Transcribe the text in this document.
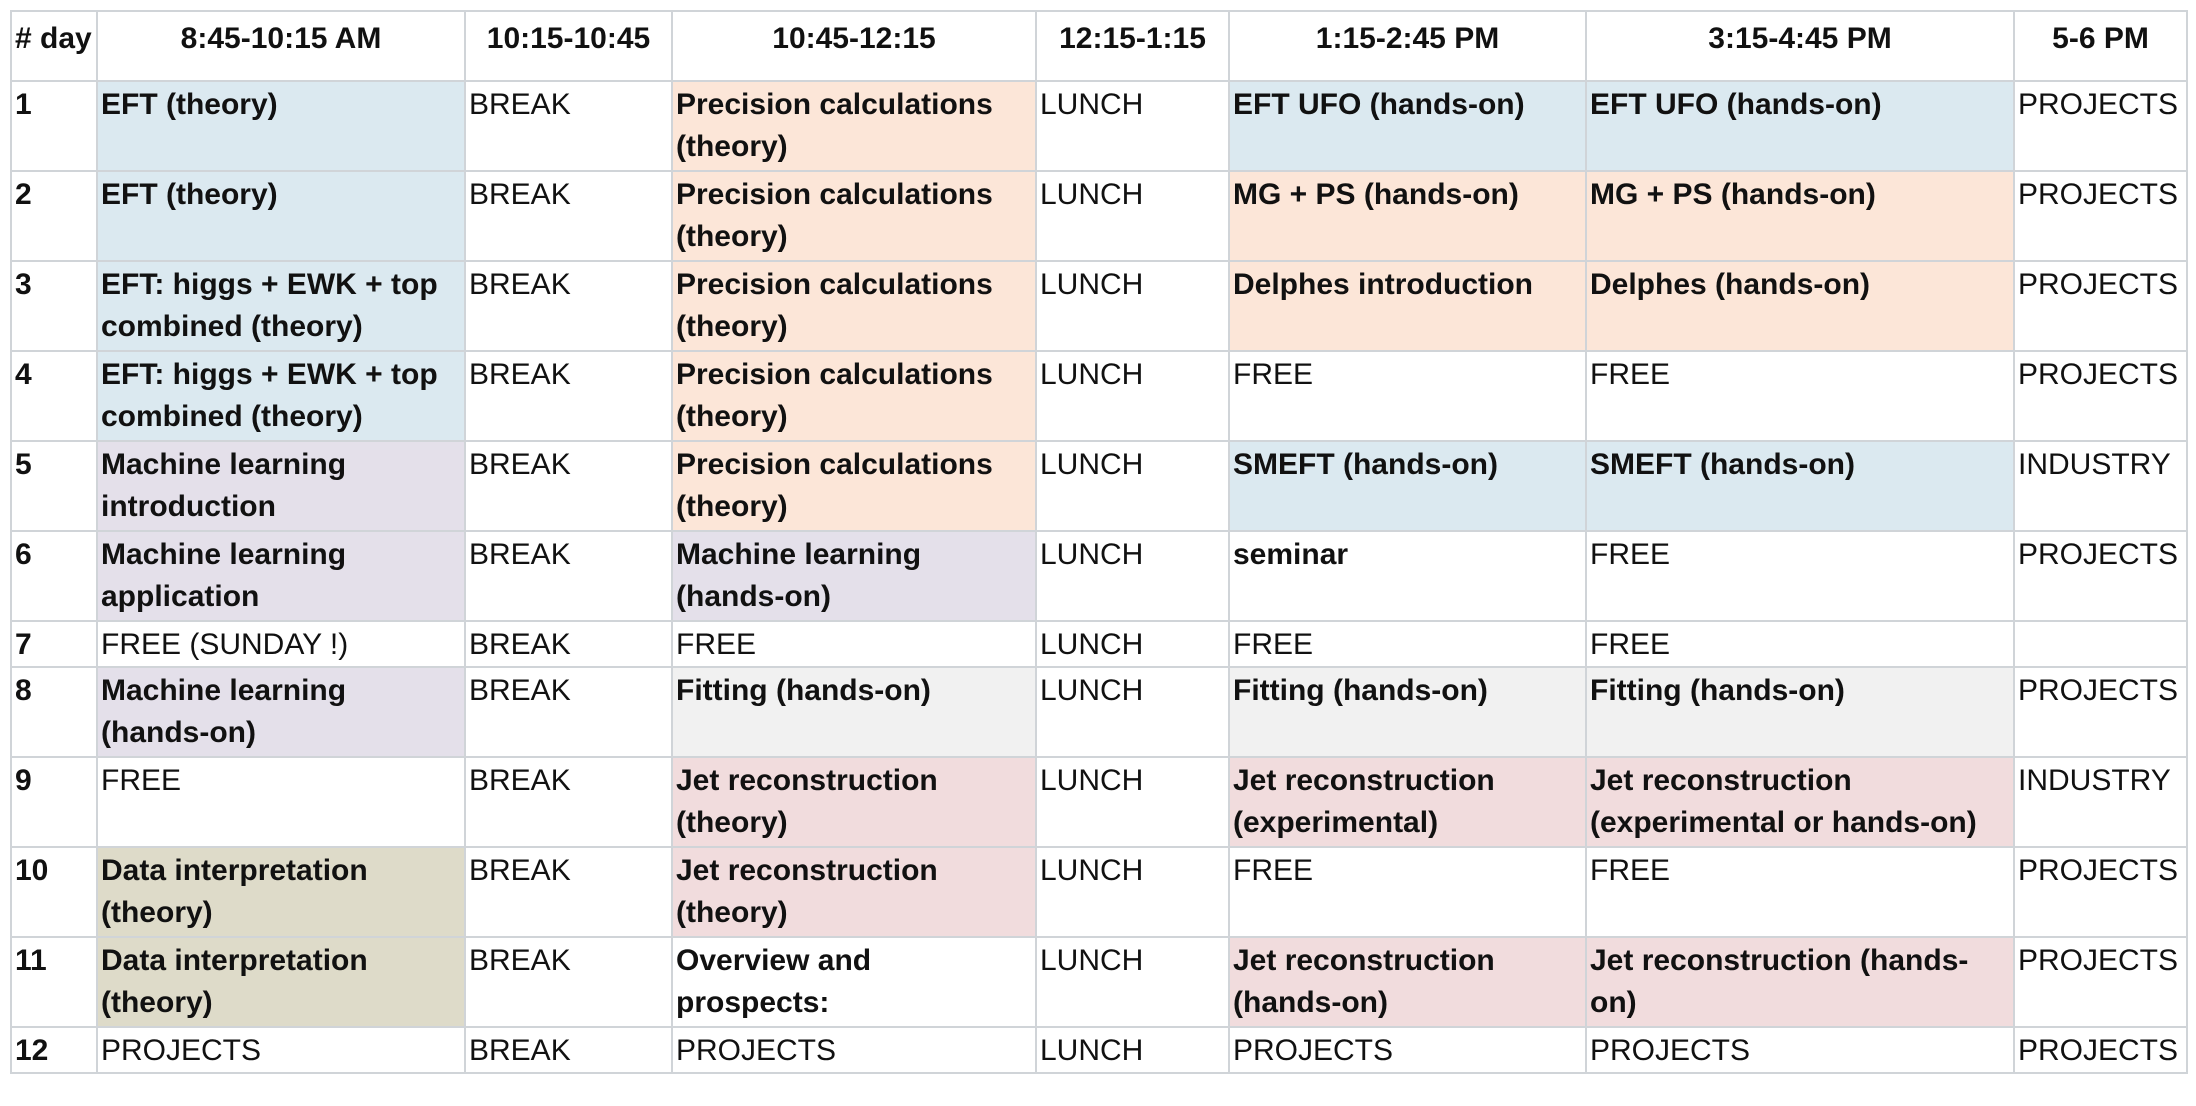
# day	8:45-10:15 AM	10:15-10:45	10:45-12:15	12:15-1:15	1:15-2:45 PM	3:15-4:45 PM	5-6 PM
1	EFT (theory)	BREAK	Precision calculations (theory)	LUNCH	EFT UFO (hands-on)	EFT UFO (hands-on)	PROJECTS
2	EFT (theory)	BREAK	Precision calculations (theory)	LUNCH	MG + PS (hands-on)	MG + PS (hands-on)	PROJECTS
3	EFT: higgs + EWK + top combined (theory)	BREAK	Precision calculations (theory)	LUNCH	Delphes introduction	Delphes (hands-on)	PROJECTS
4	EFT: higgs + EWK + top combined (theory)	BREAK	Precision calculations (theory)	LUNCH	FREE	FREE	PROJECTS
5	Machine learning introduction	BREAK	Precision calculations (theory)	LUNCH	SMEFT (hands-on)	SMEFT (hands-on)	INDUSTRY
6	Machine learning application	BREAK	Machine learning (hands-on)	LUNCH	seminar	FREE	PROJECTS
7	FREE (SUNDAY !)	BREAK	FREE	LUNCH	FREE	FREE	
8	Machine learning (hands-on)	BREAK	Fitting (hands-on)	LUNCH	Fitting (hands-on)	Fitting (hands-on)	PROJECTS
9	FREE	BREAK	Jet reconstruction (theory)	LUNCH	Jet reconstruction (experimental)	Jet reconstruction (experimental or hands-on)	INDUSTRY
10	Data interpretation (theory)	BREAK	Jet reconstruction (theory)	LUNCH	FREE	FREE	PROJECTS
11	Data interpretation (theory)	BREAK	Overview and prospects:	LUNCH	Jet reconstruction (hands-on)	Jet reconstruction (hands-on)	PROJECTS
12	PROJECTS	BREAK	PROJECTS	LUNCH	PROJECTS	PROJECTS	PROJECTS
